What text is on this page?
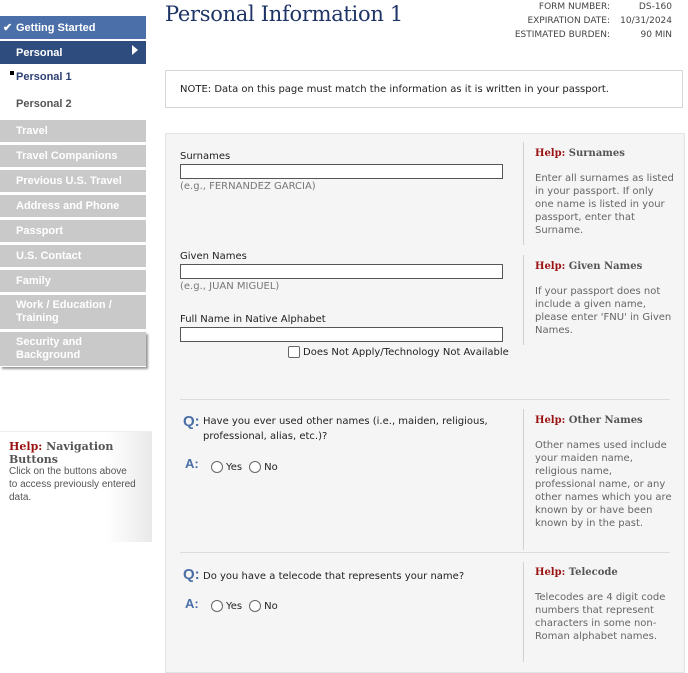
✔ Getting Started
Personal
Personal 1
Personal 2
Travel
Travel Companions
Previous U.S. Travel
Address and Phone
Passport
U.S. Contact
Family
Work / Education / Training
Security and Background
Help: Navigation Buttons
Click on the buttons above to access previously entered data.
Personal Information 1	FORM NUMBER:	DS-160
EXPIRATION DATE:	10/31/2024
ESTIMATED BURDEN:	90 MIN
NOTE: Data on this page must match the information as it is written in your passport.
Surnames
(e.g., FERNANDEZ GARCIA)
Given Names
(e.g., JUAN MIGUEL)
Full Name in Native Alphabet
Does Not Apply/Technology Not Available
Q: Have you ever used other names (i.e., maiden, religious, professional, alias, etc.)?
A:	Yes No
Q: Do you have a telecode that represents your name?
A:	Yes No
Help: Surnames
Enter all surnames as listed in your passport. If only one name is listed in your passport, enter that Surname.
Help: Given Names
If your passport does not include a given name, please enter 'FNU' in Given Names.
Help: Other Names
Other names used include your maiden name, religious name, professional name, or any other names which you are known by or have been known by in the past.
Help: Telecode
Telecodes are 4 digit code numbers that represent characters in some non-Roman alphabet names.
